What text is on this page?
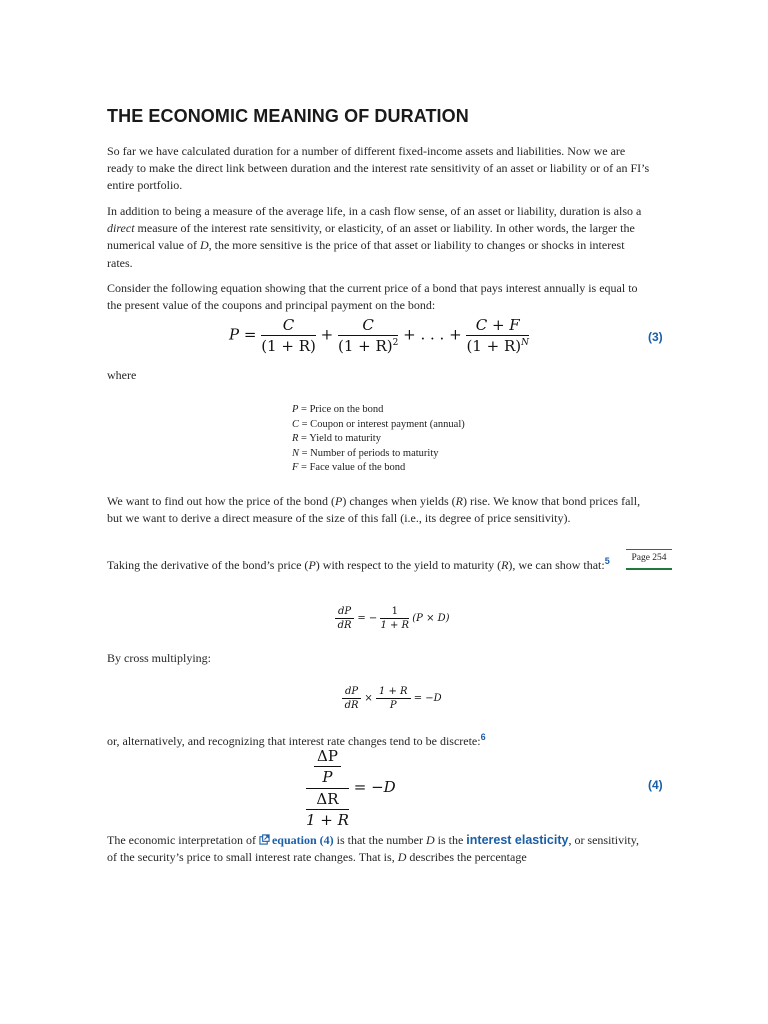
THE ECONOMIC MEANING OF DURATION

So far we have calculated duration for a number of different fixed-income assets and liabilities. Now we are ready to make the direct link between duration and the interest rate sensitivity of an asset or liability or of an FI’s entire portfolio.

In addition to being a measure of the average life, in a cash flow sense, of an asset or liability, duration is also a direct measure of the interest rate sensitivity, or elasticity, of an asset or liability. In other words, the larger the numerical value of D, the more sensitive is the price of that asset or liability to changes or shocks in interest rates.

Consider the following equation showing that the current price of a bond that pays interest annually is equal to the present value of the coupons and principal payment on the bond:

$P = \frac{C}{(1 + R)} + \frac{C}{(1 + R)^2}$ + . . . + $\frac{C + F}{(1 + R)^N}$	(3)

where

P = Price on the bond
C = Coupon or interest payment (annual)
R = Yield to maturity
N = Number of periods to maturity
F = Face value of the bond

We want to find out how the price of the bond (P) changes when yields (R) rise. We know that bond prices fall, but we want to derive a direct measure of the size of this fall (i.e., its degree of price sensitivity).

Page 254

Taking the derivative of the bond’s price (P) with respect to the yield to maturity (R), we can show that:$^5$

$\frac{dP}{dR}$ = − $\frac{1}{1 + R} (P \times D)$

By cross multiplying:

$\frac{dP}{dR} \times \frac{1 + R}{P} = -D$

or, alternatively, and recognizing that interest rate changes tend to be discrete:$^6$

$\frac{\frac{\Delta P}{P}}{\frac{\Delta R}{1 + R}} = -D$	(4)

The economic interpretation of equation (4) is that the number D is the interest elasticity, or sensitivity, of the security’s price to small interest rate changes. That is, D describes the percentage
